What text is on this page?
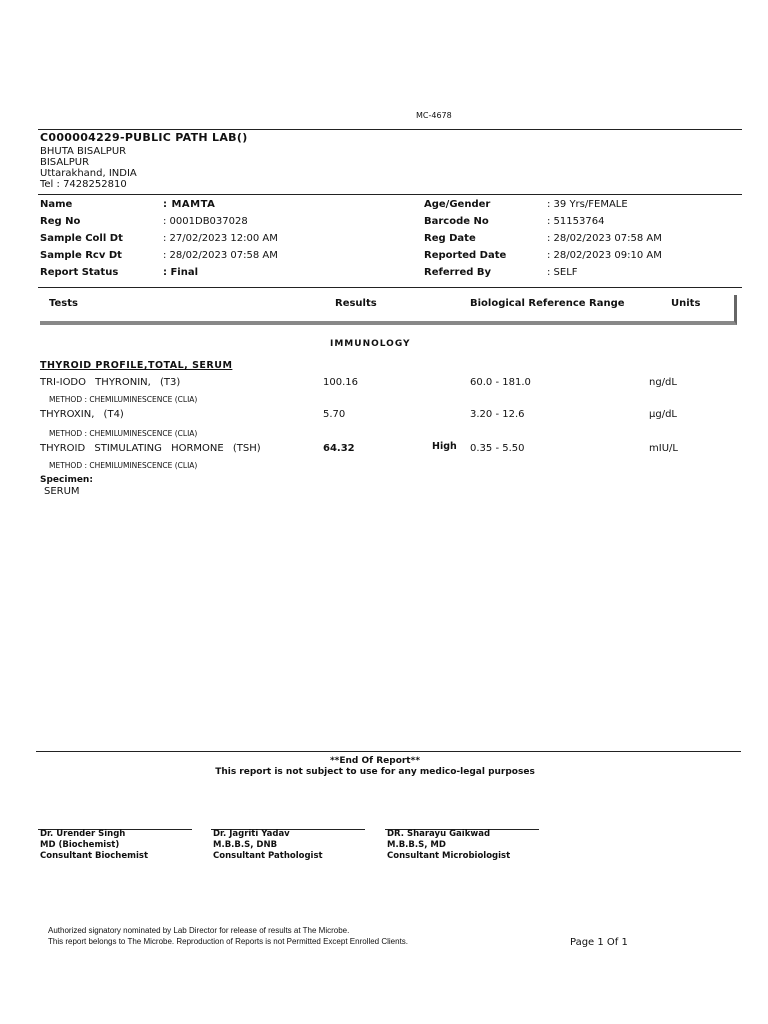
MC-4678
C000004229-PUBLIC PATH LAB()
BHUTA BISALPUR
BISALPUR
Uttarakhand, INDIA
Tel : 7428252810
Name	: MAMTA
Reg No	: 0001DB037028
Sample Coll Dt	: 27/02/2023 12:00 AM
Sample Rcv Dt	: 28/02/2023 07:58 AM
Report Status	: Final
Age/Gender	: 39 Yrs/FEMALE
Barcode No	: 51153764
Reg Date	: 28/02/2023 07:58 AM
Reported Date	: 28/02/2023 09:10 AM
Referred By	: SELF
Tests	Results	Biological Reference Range	Units
IMMUNOLOGY
THYROID PROFILE,TOTAL, SERUM
TRI-IODO THYRONIN, (T3)	100.16	60.0 - 181.0	ng/dL
METHOD : CHEMILUMINESCENCE (CLIA)
THYROXIN, (T4)	5.70	3.20 - 12.6	µg/dL
METHOD : CHEMILUMINESCENCE (CLIA)
THYROID STIMULATING HORMONE (TSH)	64.32	High 0.35 - 5.50	mIU/L
METHOD : CHEMILUMINESCENCE (CLIA)
Specimen:
SERUM
**End Of Report**
This report is not subject to use for any medico-legal purposes
Dr. Urender Singh
MD (Biochemist)
Consultant Biochemist
Dr. Jagriti Yadav
M.B.B.S, DNB
Consultant Pathologist
DR. Sharayu Gaikwad
M.B.B.S, MD
Consultant Microbiologist
Authorized signatory nominated by Lab Director for release of results at The Microbe.
This report belongs to The Microbe. Reproduction of Reports is not Permitted Except Enrolled Clients.	Page 1 Of 1
